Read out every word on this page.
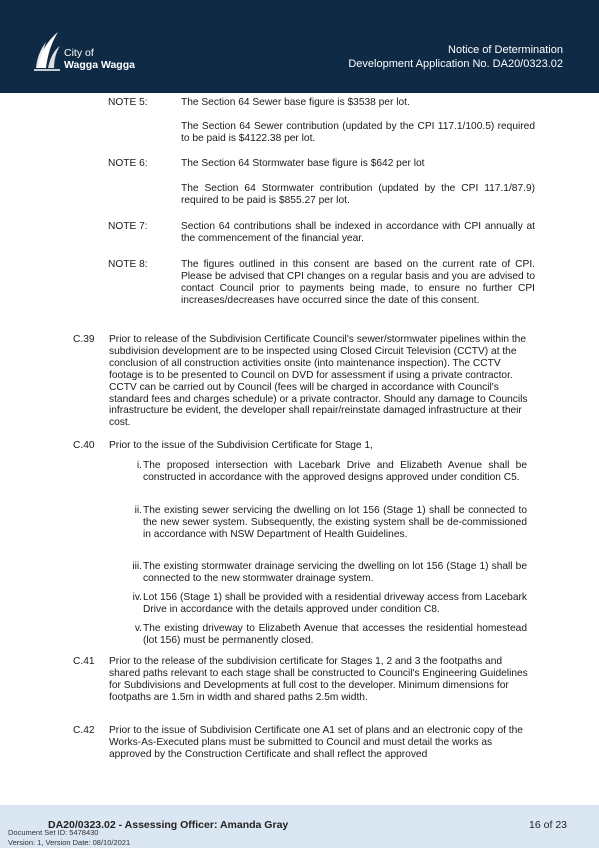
City of
Wagga Wagga
Notice of Determination
Development Application No. DA20/0323.02
NOTE 5:	The Section 64 Sewer base figure is $3538 per lot.
The Section 64 Sewer contribution (updated by the CPI 117.1/100.5) required to be paid is $4122.38 per lot.
NOTE 6:	The Section 64 Stormwater base figure is $642 per lot
The Section 64 Stormwater contribution (updated by the CPI 117.1/87.9) required to be paid is $855.27 per lot.
NOTE 7:	Section 64 contributions shall be indexed in accordance with CPI annually at the commencement of the financial year.
NOTE 8:	The figures outlined in this consent are based on the current rate of CPI. Please be advised that CPI changes on a regular basis and you are advised to contact Council prior to payments being made, to ensure no further CPI increases/decreases have occurred since the date of this consent.
C.39	Prior to release of the Subdivision Certificate Council's sewer/stormwater pipelines within the subdivision development are to be inspected using Closed Circuit Television (CCTV) at the conclusion of all construction activities onsite (into maintenance inspection). The CCTV footage is to be presented to Council on DVD for assessment if using a private contractor. CCTV can be carried out by Council (fees will be charged in accordance with Council's standard fees and charges schedule) or a private contractor. Should any damage to Councils infrastructure be evident, the developer shall repair/reinstate damaged infrastructure at their cost.
C.40	Prior to the issue of the Subdivision Certificate for Stage 1,
i. The proposed intersection with Lacebark Drive and Elizabeth Avenue shall be constructed in accordance with the approved designs approved under condition C5.
ii. The existing sewer servicing the dwelling on lot 156 (Stage 1) shall be connected to the new sewer system. Subsequently, the existing system shall be de-commissioned in accordance with NSW Department of Health Guidelines.
iii. The existing stormwater drainage servicing the dwelling on lot 156 (Stage 1) shall be connected to the new stormwater drainage system.
iv. Lot 156 (Stage 1) shall be provided with a residential driveway access from Lacebark Drive in accordance with the details approved under condition C8.
v. The existing driveway to Elizabeth Avenue that accesses the residential homestead (lot 156) must be permanently closed.
C.41	Prior to the release of the subdivision certificate for Stages 1, 2 and 3 the footpaths and shared paths relevant to each stage shall be constructed to Council's Engineering Guidelines for Subdivisions and Developments at full cost to the developer. Minimum dimensions for footpaths are 1.5m in width and shared paths 2.5m width.
C.42	Prior to the issue of Subdivision Certificate one A1 set of plans and an electronic copy of the Works-As-Executed plans must be submitted to Council and must detail the works as approved by the Construction Certificate and shall reflect the approved
DA20/0323.02 - Assessing Officer: Amanda Gray	16 of 23
Document Set ID: 5478430
Version: 1, Version Date: 08/10/2021
